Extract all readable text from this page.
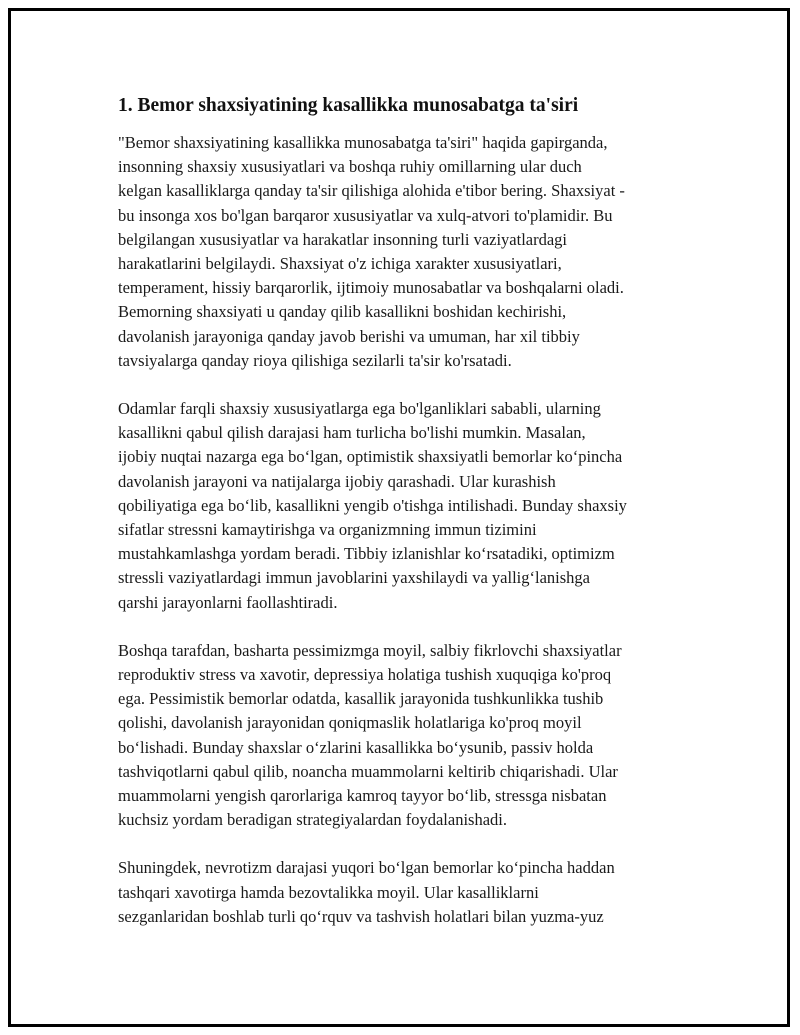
1. Bemor shaxsiyatining kasallikka munosabatga ta'siri

"Bemor shaxsiyatining kasallikka munosabatga ta'siri" haqida gapirganda,
insonning shaxsiy xususiyatlari va boshqa ruhiy omillarning ular duch
kelgan kasalliklarga qanday ta'sir qilishiga alohida e'tibor bering. Shaxsiyat -
bu insonga xos bo'lgan barqaror xususiyatlar va xulq-atvori to'plamidir. Bu
belgilangan xususiyatlar va harakatlar insonning turli vaziyatlardagi
harakatlarini belgilaydi. Shaxsiyat o'z ichiga xarakter xususiyatlari,
temperament, hissiy barqarorlik, ijtimoiy munosabatlar va boshqalarni oladi.
Bemorning shaxsiyati u qanday qilib kasallikni boshidan kechirishi,
davolanish jarayoniga qanday javob berishi va umuman, har xil tibbiy
tavsiyalarga qanday rioya qilishiga sezilarli ta'sir ko'rsatadi.

Odamlar farqli shaxsiy xususiyatlarga ega bo'lganliklari sababli, ularning
kasallikni qabul qilish darajasi ham turlicha bo'lishi mumkin. Masalan,
ijobiy nuqtai nazarga ega bo‘lgan, optimistik shaxsiyatli bemorlar ko‘pincha
davolanish jarayoni va natijalarga ijobiy qarashadi. Ular kurashish
qobiliyatiga ega bo‘lib, kasallikni yengib o'tishga intilishadi. Bunday shaxsiy
sifatlar stressni kamaytirishga va organizmning immun tizimini
mustahkamlashga yordam beradi. Tibbiy izlanishlar ko‘rsatadiki, optimizm
stressli vaziyatlardagi immun javoblarini yaxshilaydi va yallig‘lanishga
qarshi jarayonlarni faollashtiradi.

Boshqa tarafdan, basharta pessimizmga moyil, salbiy fikrlovchi shaxsiyatlar
reproduktiv stress va xavotir, depressiya holatiga tushish xuquqiga ko'proq
ega. Pessimistik bemorlar odatda, kasallik jarayonida tushkunlikka tushib
qolishi, davolanish jarayonidan qoniqmaslik holatlariga ko'proq moyil
bo‘lishadi. Bunday shaxslar o‘zlarini kasallikka bo‘ysunib, passiv holda
tashviqotlarni qabul qilib, noancha muammolarni keltirib chiqarishadi. Ular
muammolarni yengish qarorlariga kamroq tayyor bo‘lib, stressga nisbatan
kuchsiz yordam beradigan strategiyalardan foydalanishadi.

Shuningdek, nevrotizm darajasi yuqori bo‘lgan bemorlar ko‘pincha haddan
tashqari xavotirga hamda bezovtalikka moyil. Ular kasalliklarni
sezganlaridan boshlab turli qo‘rquv va tashvish holatlari bilan yuzma-yuz
